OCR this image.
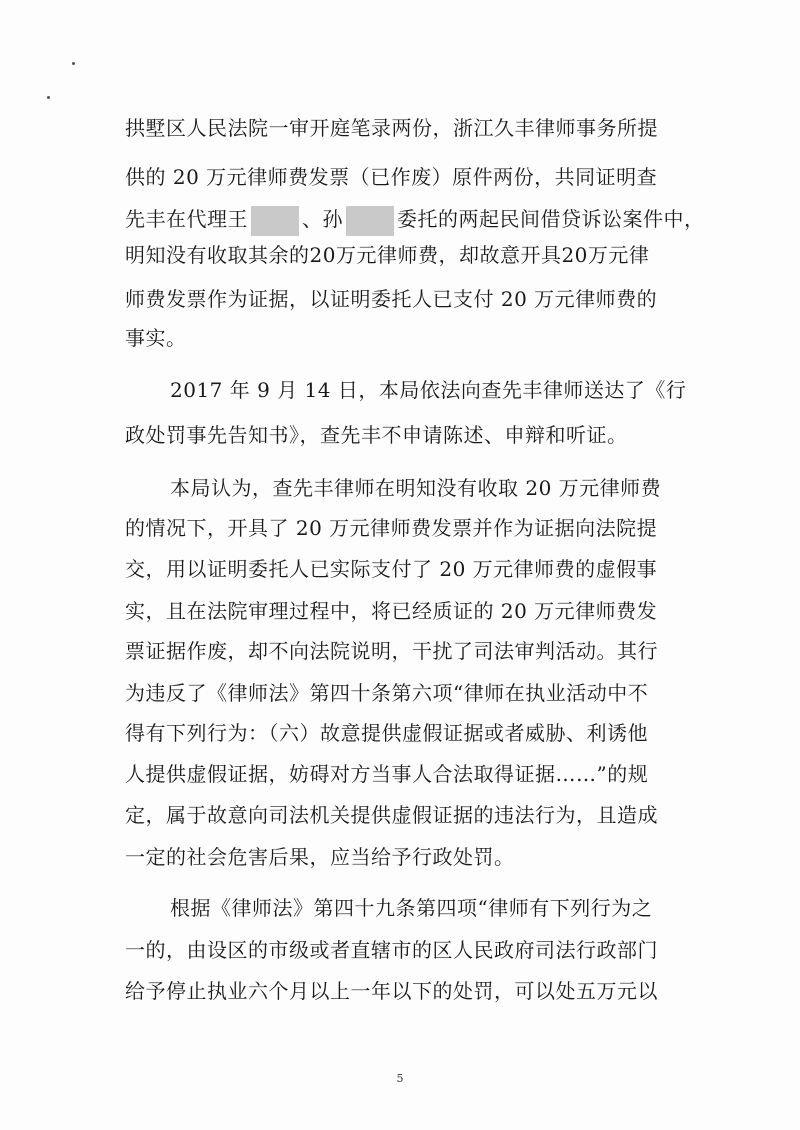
拱墅区人民法院一审开庭笔录两份，浙江久丰律师事务所提
供的 20 万元律师费发票（已作废）原件两份，共同证明查
先丰在代理王	、孙	委托的两起民间借贷诉讼案件中，
明知没有收取其余的20万元律师费，却故意开具20万元律
师费发票作为证据，以证明委托人已支付 20 万元律师费的
事实。
2017 年 9 月 14 日，本局依法向查先丰律师送达了《行
政处罚事先告知书》，查先丰不申请陈述、申辩和听证。
本局认为，查先丰律师在明知没有收取 20 万元律师费
的情况下，开具了 20 万元律师费发票并作为证据向法院提
交，用以证明委托人已实际支付了 20 万元律师费的虚假事
实，且在法院审理过程中，将已经质证的 20 万元律师费发
票证据作废，却不向法院说明，干扰了司法审判活动。其行
为违反了《律师法》第四十条第六项“律师在执业活动中不
得有下列行为：（六）故意提供虚假证据或者威胁、利诱他
人提供虚假证据，妨碍对方当事人合法取得证据……”的规
定，属于故意向司法机关提供虚假证据的违法行为，且造成
一定的社会危害后果，应当给予行政处罚。
根据《律师法》第四十九条第四项“律师有下列行为之
一的，由设区的市级或者直辖市的区人民政府司法行政部门
给予停止执业六个月以上一年以下的处罚，可以处五万元以
5
